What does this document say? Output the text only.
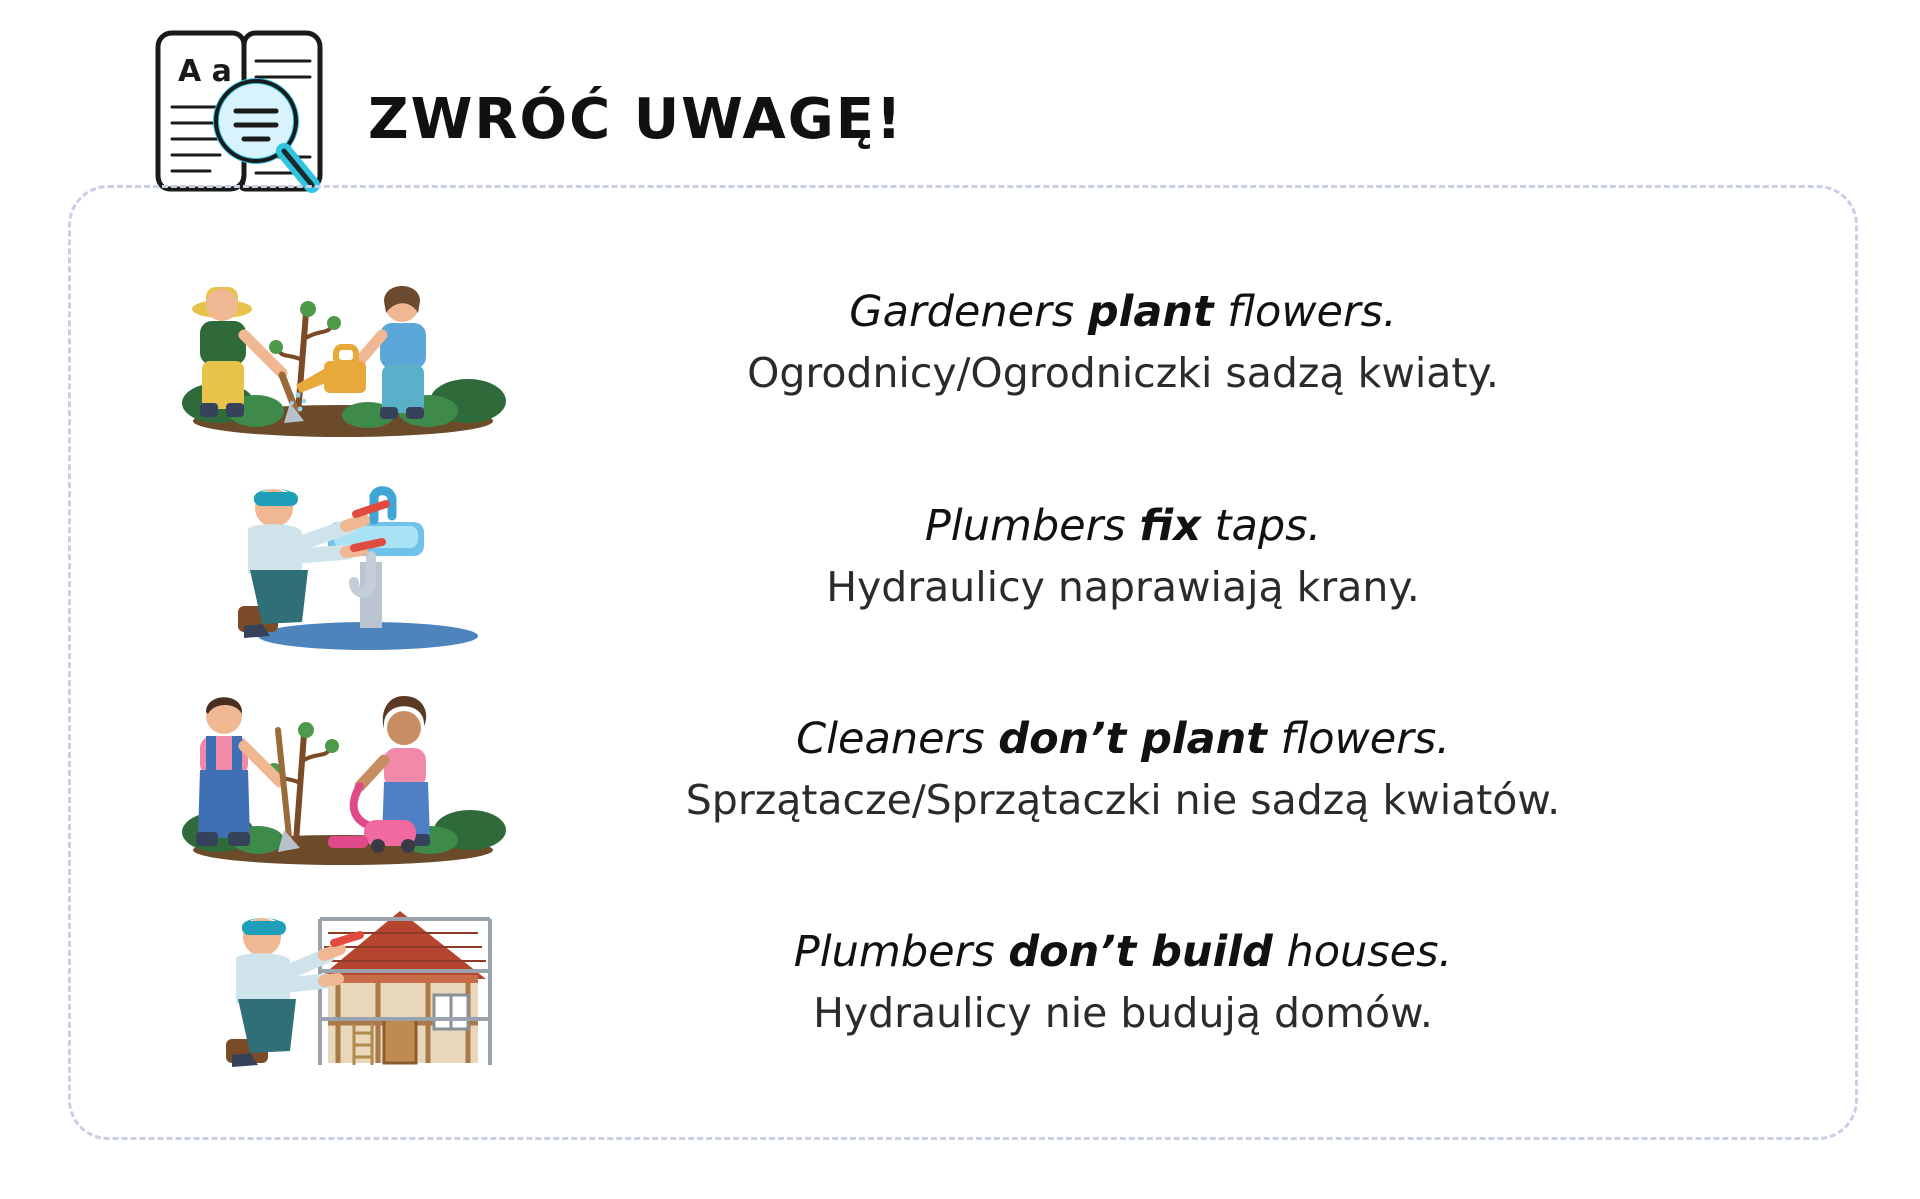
A a
ZWRÓĆ UWAGĘ!
Gardeners plant flowers.
Ogrodnicy/Ogrodniczki sadzą kwiaty.
Plumbers fix taps.
Hydraulicy naprawiają krany.
Cleaners don’t plant flowers.
Sprzątacze/Sprzątaczki nie sadzą kwiatów.
Plumbers don’t build houses.
Hydraulicy nie budują domów.
